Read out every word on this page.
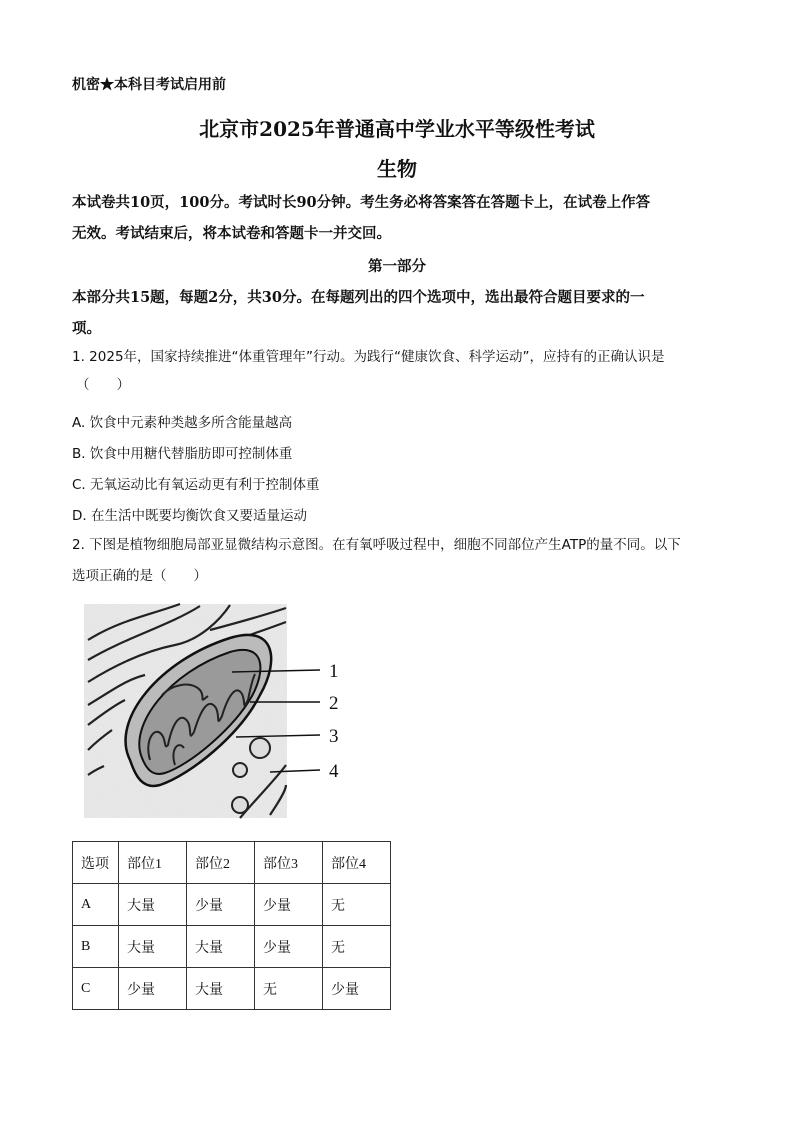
机密★本科目考试启用前
北京市2025年普通高中学业水平等级性考试
生物
本试卷共10页，100分。考试时长90分钟。考生务必将答案答在答题卡上，在试卷上作答
无效。考试结束后，将本试卷和答题卡一并交回。
第一部分
本部分共15题，每题2分，共30分。在每题列出的四个选项中，选出最符合题目要求的一
项。
1. 2025年，国家持续推进“体重管理年”行动。为践行“健康饮食、科学运动”，应持有的正确认识是
（　　）
A. 饮食中元素种类越多所含能量越高
B. 饮食中用糖代替脂肪即可控制体重
C. 无氧运动比有氧运动更有利于控制体重
D. 在生活中既要均衡饮食又要适量运动
2. 下图是植物细胞局部亚显微结构示意图。在有氧呼吸过程中，细胞不同部位产生ATP的量不同。以下
选项正确的是（　　）
1
2
3
4
选项	部位1	部位2	部位3	部位4
A	大量	少量	少量	无
B	大量	大量	少量	无
C	少量	大量	无	少量
